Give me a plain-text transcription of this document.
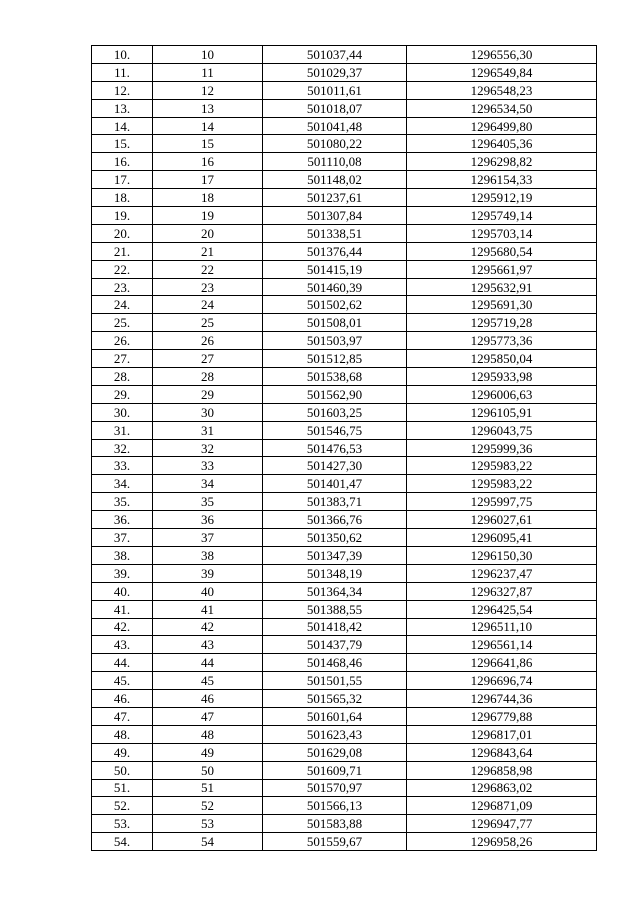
10.	10	501037,44	1296556,30
11.	11	501029,37	1296549,84
12.	12	501011,61	1296548,23
13.	13	501018,07	1296534,50
14.	14	501041,48	1296499,80
15.	15	501080,22	1296405,36
16.	16	501110,08	1296298,82
17.	17	501148,02	1296154,33
18.	18	501237,61	1295912,19
19.	19	501307,84	1295749,14
20.	20	501338,51	1295703,14
21.	21	501376,44	1295680,54
22.	22	501415,19	1295661,97
23.	23	501460,39	1295632,91
24.	24	501502,62	1295691,30
25.	25	501508,01	1295719,28
26.	26	501503,97	1295773,36
27.	27	501512,85	1295850,04
28.	28	501538,68	1295933,98
29.	29	501562,90	1296006,63
30.	30	501603,25	1296105,91
31.	31	501546,75	1296043,75
32.	32	501476,53	1295999,36
33.	33	501427,30	1295983,22
34.	34	501401,47	1295983,22
35.	35	501383,71	1295997,75
36.	36	501366,76	1296027,61
37.	37	501350,62	1296095,41
38.	38	501347,39	1296150,30
39.	39	501348,19	1296237,47
40.	40	501364,34	1296327,87
41.	41	501388,55	1296425,54
42.	42	501418,42	1296511,10
43.	43	501437,79	1296561,14
44.	44	501468,46	1296641,86
45.	45	501501,55	1296696,74
46.	46	501565,32	1296744,36
47.	47	501601,64	1296779,88
48.	48	501623,43	1296817,01
49.	49	501629,08	1296843,64
50.	50	501609,71	1296858,98
51.	51	501570,97	1296863,02
52.	52	501566,13	1296871,09
53.	53	501583,88	1296947,77
54.	54	501559,67	1296958,26
